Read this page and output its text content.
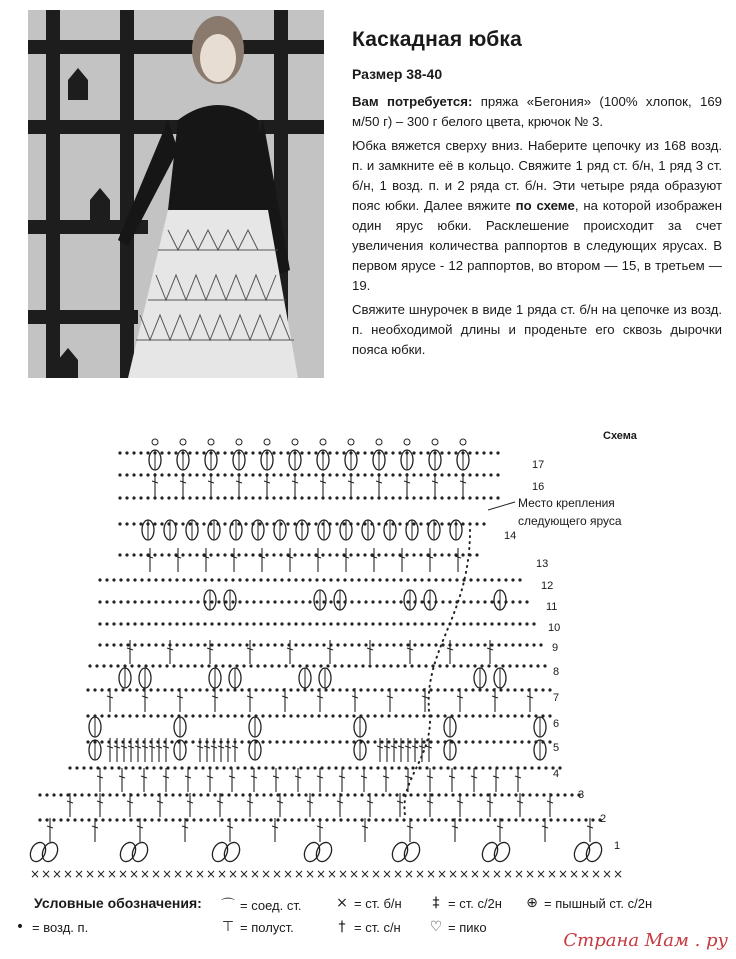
Каскадная юбка
Размер 38-40

Вам потребуется: пряжа «Бегония» (100% хлопок, 169 м/50 г) – 300 г белого цвета, крючок № 3.

Юбка вяжется сверху вниз. Наберите цепочку из 168 возд. п. и замкните её в кольцо. Свяжите 1 ряд ст. б/н, 1 ряд 3 ст. б/н, 1 возд. п. и 2 ряда ст. б/н. Эти четыре ряда образуют пояс юбки. Далее вяжите по схеме, на которой изображен один ярус юбки. Расклешение происходит за счет увеличения количества раппортов в следующих ярусах. В первом ярусе - 12 раппортов, во втором — 15, в третьем — 19.

Свяжите шнурочек в виде 1 ряда ст. б/н на цепочке из возд. п. необходимой длины и проденьте его сквозь дырочки пояса юбки.

Схема
× × × × × × × × × × × × × × × × × × × × × × × × × × × × × × × × × × × × × × × × × × × × × × × × × × × × × ×
17
16
14
13
12
11
10
9
8
7
6
5
4
3
2
1
Место крепления
следующего яруса
Условные обозначения: ⌒ = соед. ст. × = ст. б/н	‡ = ст. с/2н ⊕ = пышный ст. с/2н
• = возд. п.	⊤ = полуст.	† = ст. с/н ♡ = пико
Страна Мам . ру
